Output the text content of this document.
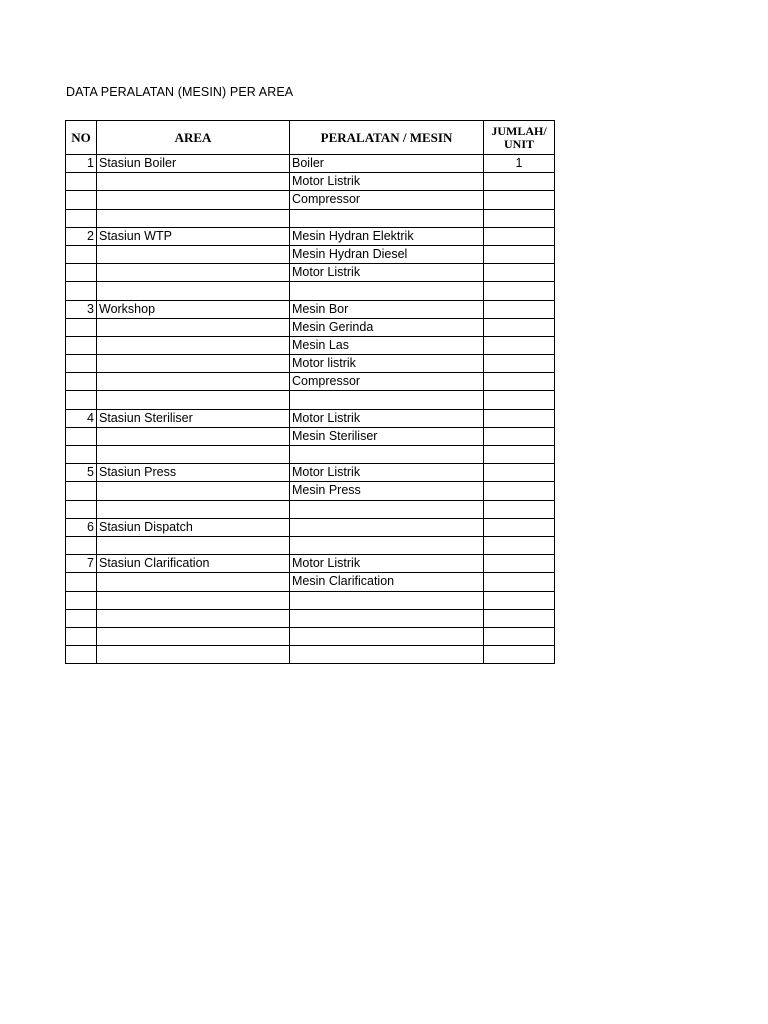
DATA PERALATAN (MESIN) PER AREA
NO	AREA	PERALATAN / MESIN	JUMLAH/
UNIT
1	Stasiun Boiler	Boiler	1
		Motor Listrik	
		Compressor	

2	Stasiun WTP	Mesin Hydran Elektrik	
		Mesin Hydran Diesel	
		Motor Listrik	

3	Workshop	Mesin Bor	
		Mesin Gerinda	
		Mesin Las	
		Motor listrik	
		Compressor	

4	Stasiun Steriliser	Motor Listrik	
		Mesin Steriliser	

5	Stasiun Press	Motor Listrik	
		Mesin Press	

6	Stasiun Dispatch		

7	Stasiun Clarification	Motor Listrik	
		Mesin Clarification	
